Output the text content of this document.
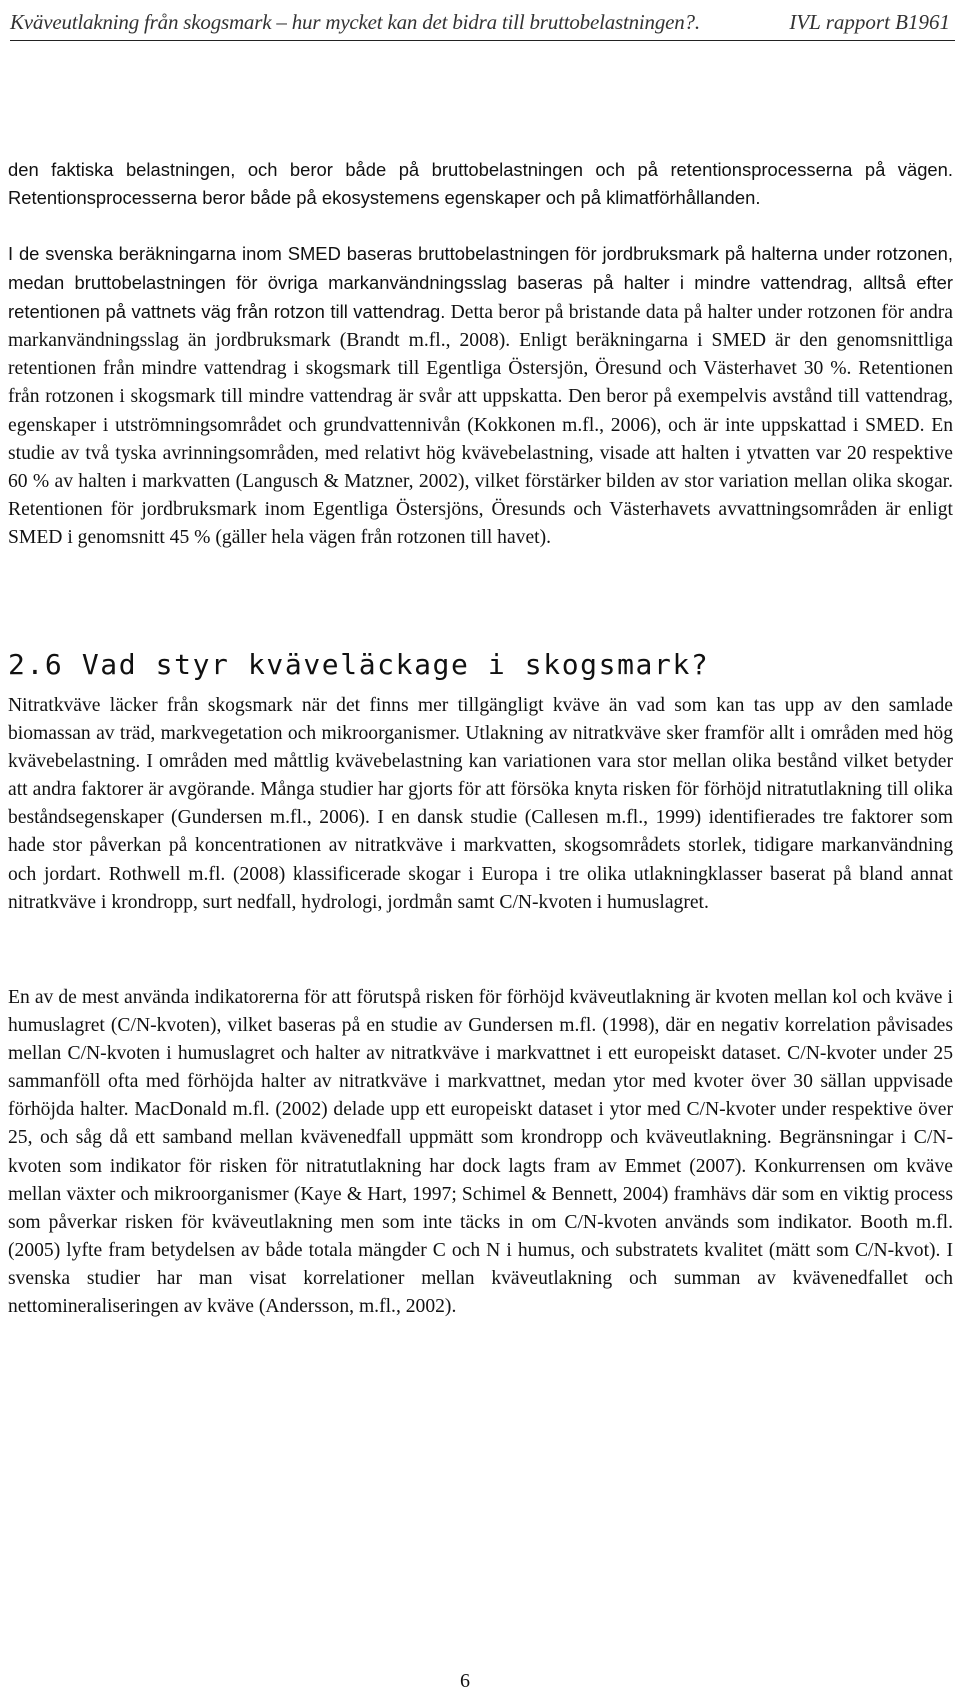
Kväveutlakning från skogsmark – hur mycket kan det bidra till bruttobelastningen?.	IVL rapport B1961

den faktiska belastningen, och beror både på bruttobelastningen och på retentionsprocesserna på vägen. Retentionsprocesserna beror både på ekosystemens egenskaper och på klimatförhållanden.

I de svenska beräkningarna inom SMED baseras bruttobelastningen för jordbruksmark på halterna under rotzonen, medan bruttobelastningen för övriga markanvändningsslag baseras på halter i mindre vattendrag, alltså efter retentionen på vattnets väg från rotzon till vattendrag. Detta beror på bristande data på halter under rotzonen för andra markanvändningsslag än jordbruksmark (Brandt m.fl., 2008). Enligt beräkningarna i SMED är den genomsnittliga retentionen från mindre vattendrag i skogsmark till Egentliga Östersjön, Öresund och Västerhavet 30 %. Retentionen från rotzonen i skogsmark till mindre vattendrag är svår att uppskatta. Den beror på exempelvis avstånd till vattendrag, egenskaper i utströmningsområdet och grundvattennivån (Kokkonen m.fl., 2006), och är inte uppskattad i SMED. En studie av två tyska avrinningsområden, med relativt hög kvävebelastning, visade att halten i ytvatten var 20 respektive 60 % av halten i markvatten (Langusch & Matzner, 2002), vilket förstärker bilden av stor variation mellan olika skogar. Retentionen för jordbruksmark inom Egentliga Östersjöns, Öresunds och Västerhavets avvattningsområden är enligt SMED i genomsnitt 45 % (gäller hela vägen från rotzonen till havet).

2.6 Vad styr kväveläckage i skogsmark?

Nitratkväve läcker från skogsmark när det finns mer tillgängligt kväve än vad som kan tas upp av den samlade biomassan av träd, markvegetation och mikroorganismer. Utlakning av nitratkväve sker framför allt i områden med hög kvävebelastning. I områden med måttlig kvävebelastning kan variationen vara stor mellan olika bestånd vilket betyder att andra faktorer är avgörande. Många studier har gjorts för att försöka knyta risken för förhöjd nitratutlakning till olika beståndsegenskaper (Gundersen m.fl., 2006). I en dansk studie (Callesen m.fl., 1999) identifierades tre faktorer som hade stor påverkan på koncentrationen av nitratkväve i markvatten, skogsområdets storlek, tidigare markanvändning och jordart. Rothwell m.fl. (2008) klassificerade skogar i Europa i tre olika utlakningklasser baserat på bland annat nitratkväve i krondropp, surt nedfall, hydrologi, jordmån samt C/N-kvoten i humuslagret.

En av de mest använda indikatorerna för att förutspå risken för förhöjd kväveutlakning är kvoten mellan kol och kväve i humuslagret (C/N-kvoten), vilket baseras på en studie av Gundersen m.fl. (1998), där en negativ korrelation påvisades mellan C/N-kvoten i humuslagret och halter av nitratkväve i markvattnet i ett europeiskt dataset. C/N-kvoter under 25 sammanföll ofta med förhöjda halter av nitratkväve i markvattnet, medan ytor med kvoter över 30 sällan uppvisade förhöjda halter. MacDonald m.fl. (2002) delade upp ett europeiskt dataset i ytor med C/N-kvoter under respektive över 25, och såg då ett samband mellan kvävenedfall uppmätt som krondropp och kväveutlakning. Begränsningar i C/N-kvoten som indikator för risken för nitratutlakning har dock lagts fram av Emmet (2007). Konkurrensen om kväve mellan växter och mikroorganismer (Kaye & Hart, 1997; Schimel & Bennett, 2004) framhävs där som en viktig process som påverkar risken för kväveutlakning men som inte täcks in om C/N-kvoten används som indikator. Booth m.fl. (2005) lyfte fram betydelsen av både totala mängder C och N i humus, och substratets kvalitet (mätt som C/N-kvot). I svenska studier har man visat korrelationer mellan kväveutlakning och summan av kvävenedfallet och nettomineraliseringen av kväve (Andersson, m.fl., 2002).

6
